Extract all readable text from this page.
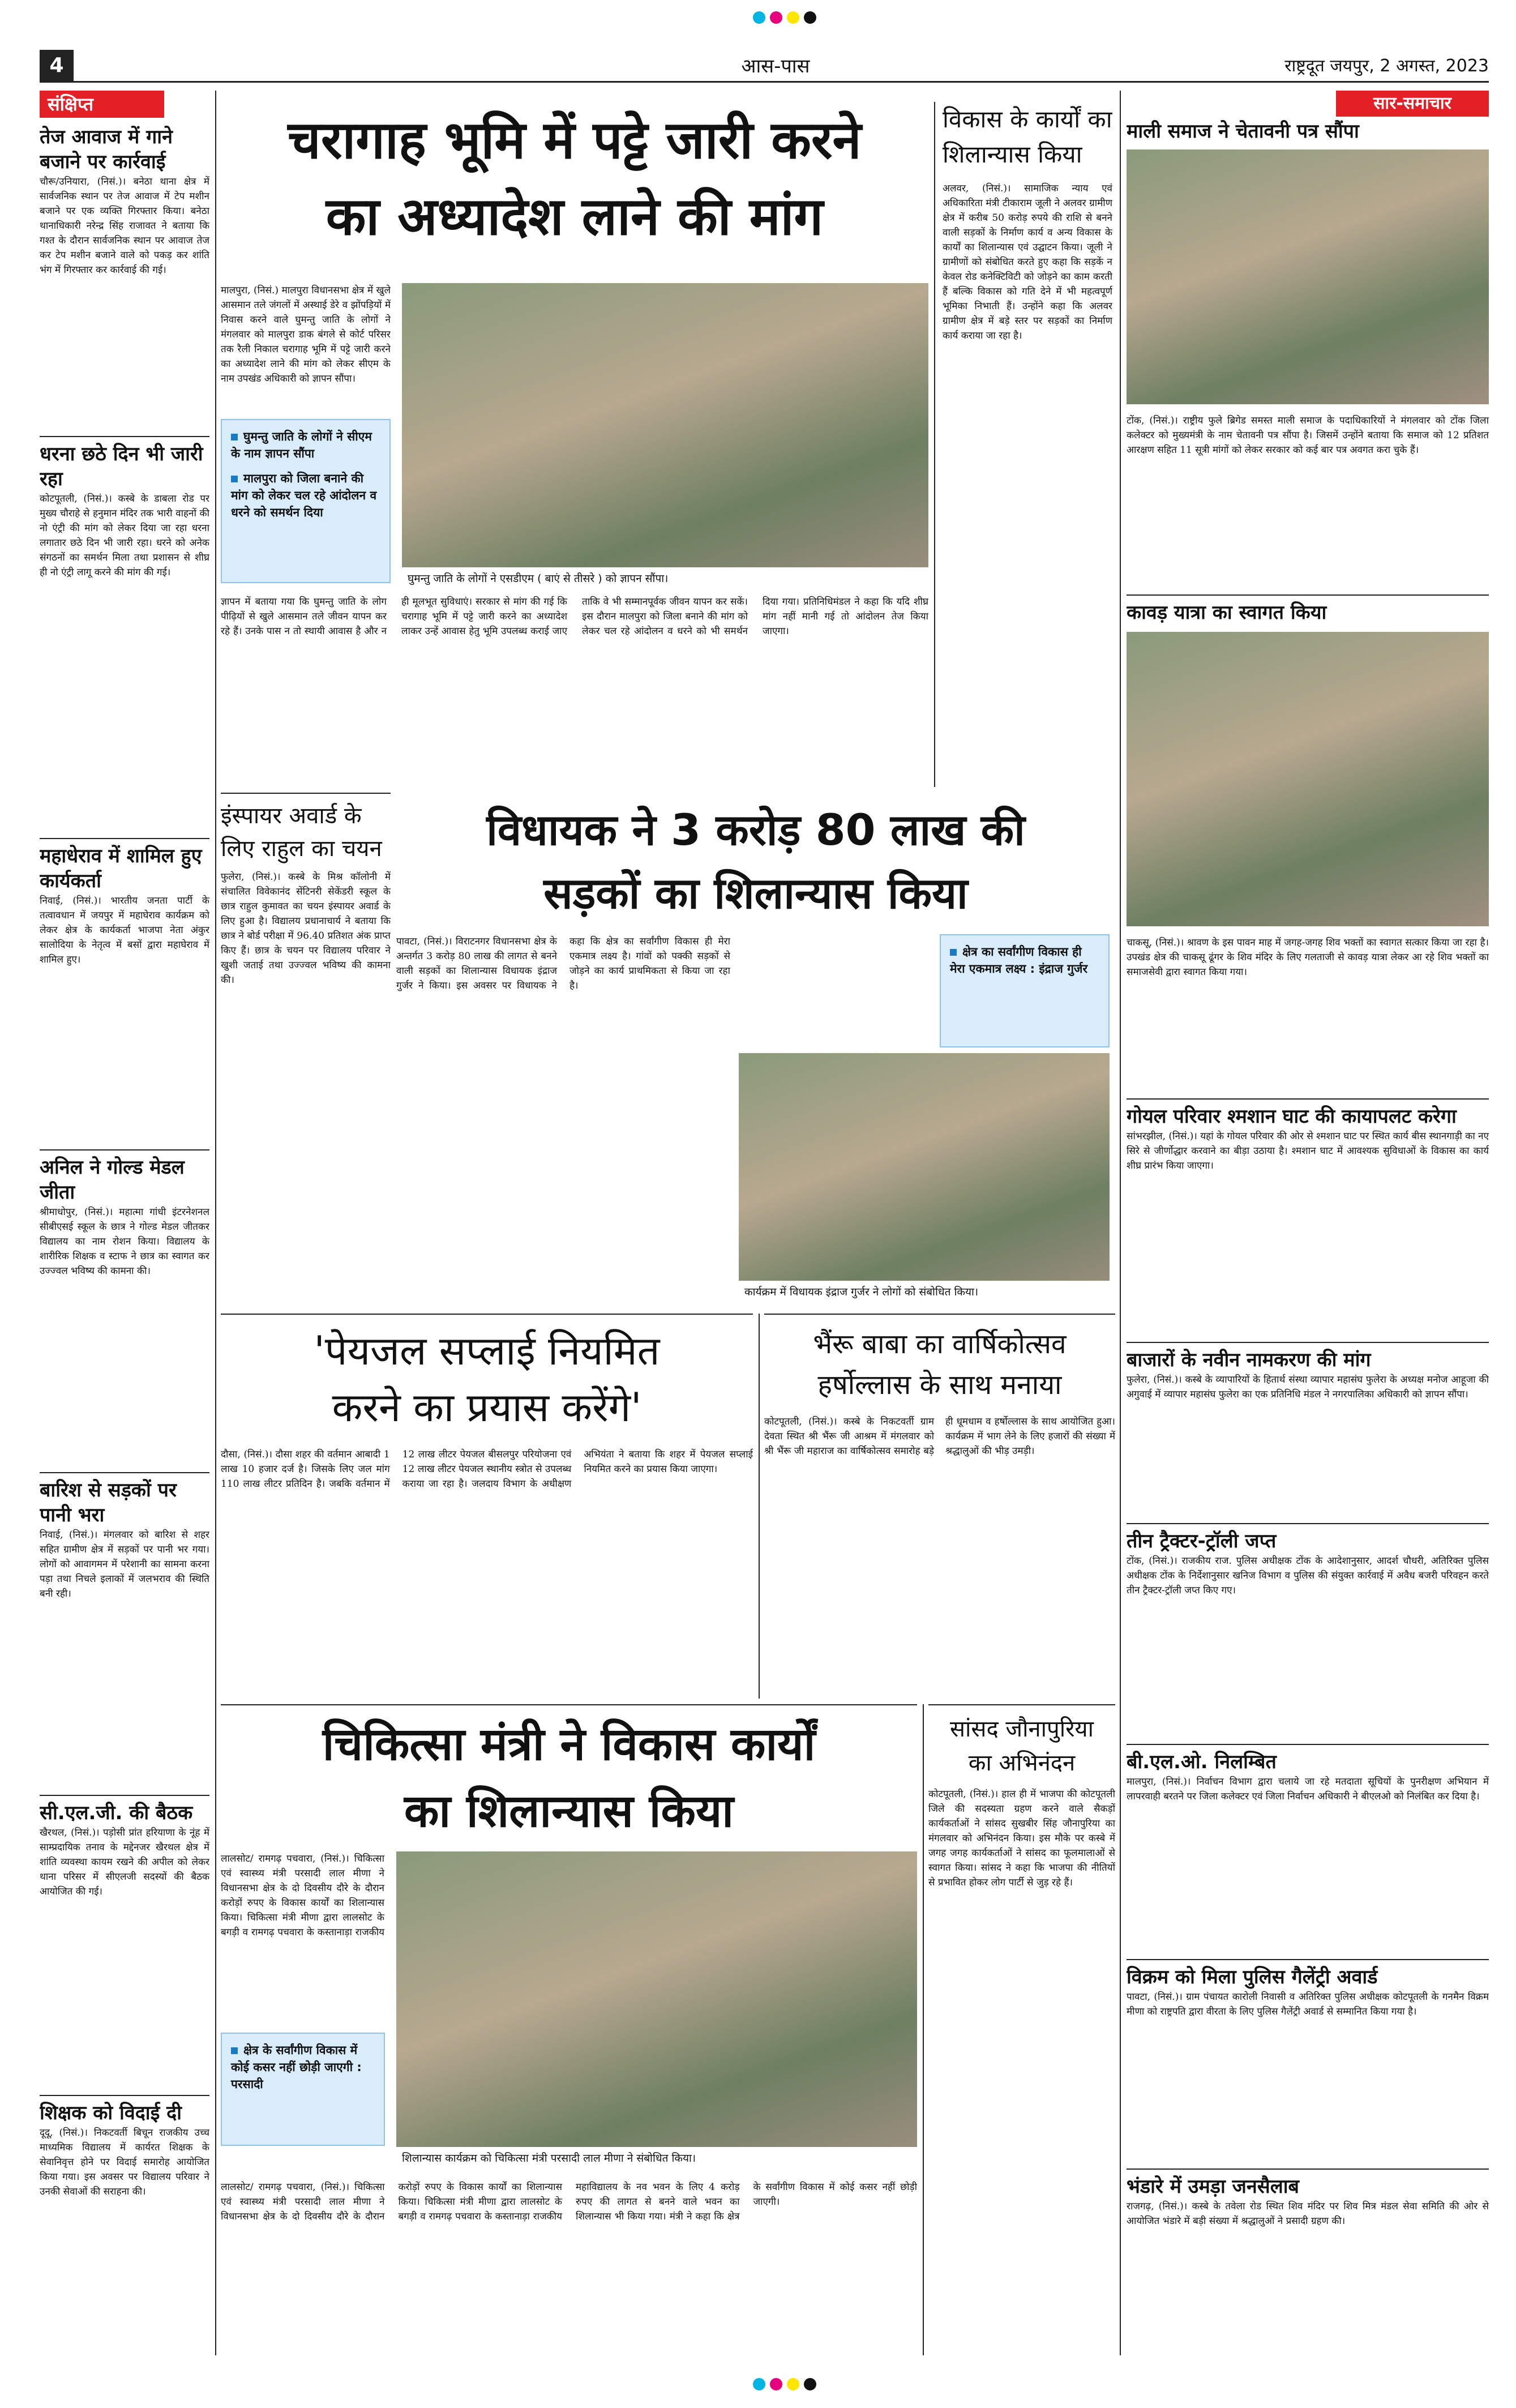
4	आस-पास	राष्ट्रदूत जयपुर, 2 अगस्त, 2023
संक्षिप्त
तेज आवाज में गाने बजाने पर कार्रवाई
चौरू/उनियारा, (निसं.)। बनेठा थाना क्षेत्र में सार्वजनिक स्थान पर तेज आवाज में टेप मशीन बजाने पर एक व्यक्ति गिरफ्तार किया। बनेठा थानाधिकारी नरेन्द्र सिंह राजावत ने बताया कि गश्त के दौरान सार्वजनिक स्थान पर आवाज तेज कर टेप मशीन बजाने वाले को पकड़ कर शांति भंग में गिरफ्तार कर कार्रवाई की गई।
धरना छठे दिन भी जारी रहा
कोटपूतली, (निसं.)। कस्बे के डाबला रोड पर मुख्य चौराहे से हनुमान मंदिर तक भारी वाहनों की नो एंट्री की मांग को लेकर दिया जा रहा धरना लगातार छठे दिन भी जारी रहा। धरने को अनेक संगठनों का समर्थन मिला तथा प्रशासन से शीघ्र ही नो एंट्री लागू करने की मांग की गई।
महाधेराव में शामिल हुए कार्यकर्ता
निवाई, (निसं.)। भारतीय जनता पार्टी के तत्वावधान में जयपुर में महाघेराव कार्यक्रम को लेकर क्षेत्र के कार्यकर्ता भाजपा नेता अंकुर सालोदिया के नेतृत्व में बसों द्वारा महाघेराव में शामिल हुए।
अनिल ने गोल्ड मेडल जीता
श्रीमाधोपुर, (निसं.)। महात्मा गांधी इंटरनेशनल सीबीएसई स्कूल के छात्र ने गोल्ड मेडल जीतकर विद्यालय का नाम रोशन किया। विद्यालय के शारीरिक शिक्षक व स्टाफ ने छात्र का स्वागत कर उज्ज्वल भविष्य की कामना की।
बारिश से सड़कों पर पानी भरा
निवाई, (निसं.)। मंगलवार को बारिश से शहर सहित ग्रामीण क्षेत्र में सड़कों पर पानी भर गया। लोगों को आवागमन में परेशानी का सामना करना पड़ा तथा निचले इलाकों में जलभराव की स्थिति बनी रही।
सी.एल.जी. की बैठक
खैरथल, (निसं.)। पड़ोसी प्रांत हरियाणा के नूंह में साम्प्रदायिक तनाव के मद्देनजर खैरथल क्षेत्र में शांति व्यवस्था कायम रखने की अपील को लेकर थाना परिसर में सीएलजी सदस्यों की बैठक आयोजित की गई।
शिक्षक को विदाई दी
दूदू, (निसं.)। निकटवर्ती बिचून राजकीय उच्च माध्यमिक विद्यालय में कार्यरत शिक्षक के सेवानिवृत्त होने पर विदाई समारोह आयोजित किया गया। इस अवसर पर विद्यालय परिवार ने उनकी सेवाओं की सराहना की।
चरागाह भूमि में पट्टे जारी करने
का अध्यादेश लाने की मांग
मालपुरा, (निसं.) मालपुरा विधानसभा क्षेत्र में खुले आसमान तले जंगलों में अस्थाई डेरे व झोंपड़ियों में निवास करने वाले घुमन्तु जाति के लोगों ने मंगलवार को मालपुरा डाक बंगले से कोर्ट परिसर तक रैली निकाल चरागाह भूमि में पट्टे जारी करने का अध्यादेश लाने की मांग को लेकर सीएम के नाम उपखंड अधिकारी को ज्ञापन सौंपा।
घुमन्तु जाति के लोगों ने सीएम के नाम ज्ञापन सौंपा
मालपुरा को जिला बनाने की मांग को लेकर चल रहे आंदोलन व धरने को समर्थन दिया
घुमन्तु जाति के लोगों ने एसडीएम ( बाएं से तीसरे ) को ज्ञापन सौंपा।
ज्ञापन में बताया गया कि घुमन्तु जाति के लोग पीढ़ियों से खुले आसमान तले जीवन यापन कर रहे हैं। उनके पास न तो स्थायी आवास है और न ही मूलभूत सुविधाएं। सरकार से मांग की गई कि चरागाह भूमि में पट्टे जारी करने का अध्यादेश लाकर उन्हें आवास हेतु भूमि उपलब्ध कराई जाए ताकि वे भी सम्मानपूर्वक जीवन यापन कर सकें। इस दौरान मालपुरा को जिला बनाने की मांग को लेकर चल रहे आंदोलन व धरने को भी समर्थन दिया गया। प्रतिनिधिमंडल ने कहा कि यदि शीघ्र मांग नहीं मानी गई तो आंदोलन तेज किया जाएगा।
विकास के कार्यों का
शिलान्यास किया
अलवर, (निसं.)। सामाजिक न्याय एवं अधिकारिता मंत्री टीकाराम जूली ने अलवर ग्रामीण क्षेत्र में करीब 50 करोड़ रुपये की राशि से बनने वाली सड़कों के निर्माण कार्य व अन्य विकास के कार्यों का शिलान्यास एवं उद्घाटन किया। जूली ने ग्रामीणों को संबोधित करते हुए कहा कि सड़कें न केवल रोड कनेक्टिविटी को जोड़ने का काम करती हैं बल्कि विकास को गति देने में भी महत्वपूर्ण भूमिका निभाती हैं। उन्होंने कहा कि अलवर ग्रामीण क्षेत्र में बड़े स्तर पर सड़कों का निर्माण कार्य कराया जा रहा है।
इंस्पायर अवार्ड के लिए राहुल का चयन
फुलेरा, (निसं.)। कस्बे के मिश्र कॉलोनी में संचालित विवेकानंद सेंटिनरी सेकेंडरी स्कूल के छात्र राहुल कुमावत का चयन इंस्पायर अवार्ड के लिए हुआ है। विद्यालय प्रधानाचार्य ने बताया कि छात्र ने बोर्ड परीक्षा में 96.40 प्रतिशत अंक प्राप्त किए हैं। छात्र के चयन पर विद्यालय परिवार ने खुशी जताई तथा उज्ज्वल भविष्य की कामना की।
विधायक ने 3 करोड़ 80 लाख की
सड़कों का शिलान्यास किया
पावटा, (निसं.)। विराटनगर विधानसभा क्षेत्र के अन्तर्गत 3 करोड़ 80 लाख की लागत से बनने वाली सड़कों का शिलान्यास विधायक इंद्राज गुर्जर ने किया। इस अवसर पर विधायक ने कहा कि क्षेत्र का सर्वांगीण विकास ही मेरा एकमात्र लक्ष्य है। गांवों को पक्की सड़कों से जोड़ने का कार्य प्राथमिकता से किया जा रहा है।
क्षेत्र का सर्वांगीण विकास ही मेरा एकमात्र लक्ष्य : इंद्राज गुर्जर
कार्यक्रम में विधायक इंद्राज गुर्जर ने लोगों को संबोधित किया।
'पेयजल सप्लाई नियमित
करने का प्रयास करेंगे'
दौसा, (निसं.)। दौसा शहर की वर्तमान आबादी 1 लाख 10 हजार दर्ज है। जिसके लिए जल मांग 110 लाख लीटर प्रतिदिन है। जबकि वर्तमान में 12 लाख लीटर पेयजल बीसलपुर परियोजना एवं 12 लाख लीटर पेयजल स्थानीय स्त्रोत से उपलब्ध कराया जा रहा है। जलदाय विभाग के अधीक्षण अभियंता ने बताया कि शहर में पेयजल सप्लाई नियमित करने का प्रयास किया जाएगा।
भैंरू बाबा का वार्षिकोत्सव
हर्षोल्लास के साथ मनाया
कोटपूतली, (निसं.)। कस्बे के निकटवर्ती ग्राम देवता स्थित श्री भैंरू जी आश्रम में मंगलवार को श्री भैंरू जी महाराज का वार्षिकोत्सव समारोह बड़े ही धूमधाम व हर्षोल्लास के साथ आयोजित हुआ। कार्यक्रम में भाग लेने के लिए हजारों की संख्या में श्रद्धालुओं की भीड़ उमड़ी।
चिकित्सा मंत्री ने विकास कार्यों
का शिलान्यास किया
लालसोट/ रामगढ़ पचवारा, (निसं.)। चिकित्सा एवं स्वास्थ्य मंत्री परसादी लाल मीणा ने विधानसभा क्षेत्र के दो दिवसीय दौरे के दौरान करोड़ों रुपए के विकास कार्यों का शिलान्यास किया। चिकित्सा मंत्री मीणा द्वारा लालसोट के बगड़ी व रामगढ़ पचवारा के कस्तानाड़ा राजकीय
क्षेत्र के सर्वांगीण विकास में कोई कसर नहीं छोड़ी जाएगी : परसादी
शिलान्यास कार्यक्रम को चिकित्सा मंत्री परसादी लाल मीणा ने संबोधित किया।
लालसोट/ रामगढ़ पचवारा, (निसं.)। चिकित्सा एवं स्वास्थ्य मंत्री परसादी लाल मीणा ने विधानसभा क्षेत्र के दो दिवसीय दौरे के दौरान करोड़ों रुपए के विकास कार्यों का शिलान्यास किया। चिकित्सा मंत्री मीणा द्वारा लालसोट के बगड़ी व रामगढ़ पचवारा के कस्तानाड़ा राजकीय महाविद्यालय के नव भवन के लिए 4 करोड़ रुपए की लागत से बनने वाले भवन का शिलान्यास भी किया गया। मंत्री ने कहा कि क्षेत्र के सर्वांगीण विकास में कोई कसर नहीं छोड़ी जाएगी।
सांसद जौनापुरिया
का अभिनंदन
कोटपूतली, (निसं.)। हाल ही में भाजपा की कोटपूतली जिले की सदस्यता ग्रहण करने वाले सैकड़ों कार्यकर्ताओं ने सांसद सुखबीर सिंह जौनापुरिया का मंगलवार को अभिनंदन किया। इस मौके पर कस्बे में जगह जगह कार्यकर्ताओं ने सांसद का फूलमालाओं से स्वागत किया। सांसद ने कहा कि भाजपा की नीतियों से प्रभावित होकर लोग पार्टी से जुड़ रहे हैं।
सार-समाचार
माली समाज ने चेतावनी पत्र सौंपा
टोंक, (निसं.)। राष्ट्रीय फुले ब्रिगेड समस्त माली समाज के पदाधिकारियों ने मंगलवार को टोंक जिला कलेक्टर को मुख्यमंत्री के नाम चेतावनी पत्र सौंपा है। जिसमें उन्होंने बताया कि समाज को 12 प्रतिशत आरक्षण सहित 11 सूत्री मांगों को लेकर सरकार को कई बार पत्र अवगत करा चुके हैं।
कावड़ यात्रा का स्वागत किया
चाकसू, (निसं.)। श्रावण के इस पावन माह में जगह-जगह शिव भक्तों का स्वागत सत्कार किया जा रहा है। उपखंड क्षेत्र की चाकसू ढूंगर के शिव मंदिर के लिए गलताजी से कावड़ यात्रा लेकर आ रहे शिव भक्तों का समाजसेवी द्वारा स्वागत किया गया।
गोयल परिवार श्मशान घाट की कायापलट करेगा
सांभरझील, (निसं.)। यहां के गोयल परिवार की ओर से श्मशान घाट पर स्थित कार्य बीस स्थानगाड़ी का नए सिरे से जीर्णोद्धार करवाने का बीड़ा उठाया है। श्मशान घाट में आवश्यक सुविधाओं के विकास का कार्य शीघ्र प्रारंभ किया जाएगा।
बाजारों के नवीन नामकरण की मांग
फुलेरा, (निसं.)। कस्बे के व्यापारियों के हितार्थ संस्था व्यापार महासंघ फुलेरा के अध्यक्ष मनोज आहूजा की अगुवाई में व्यापार महासंघ फुलेरा का एक प्रतिनिधि मंडल ने नगरपालिका अधिकारी को ज्ञापन सौंपा।
तीन ट्रैक्टर-ट्रॉली जप्त
टोंक, (निसं.)। राजकीय राज. पुलिस अधीक्षक टोंक के आदेशानुसार, आदर्श चौधरी, अतिरिक्त पुलिस अधीक्षक टोंक के निर्देशानुसार खनिज विभाग व पुलिस की संयुक्त कार्रवाई में अवैध बजरी परिवहन करते तीन ट्रैक्टर-ट्रॉली जप्त किए गए।
बी.एल.ओ. निलम्बित
मालपुरा, (निसं.)। निर्वाचन विभाग द्वारा चलाये जा रहे मतदाता सूचियों के पुनरीक्षण अभियान में लापरवाही बरतने पर जिला कलेक्टर एवं जिला निर्वाचन अधिकारी ने बीएलओ को निलंबित कर दिया है।
विक्रम को मिला पुलिस गैलेंट्री अवार्ड
पावटा, (निसं.)। ग्राम पंचायत कारोली निवासी व अतिरिक्त पुलिस अधीक्षक कोटपूतली के गनमैन विक्रम मीणा को राष्ट्रपति द्वारा वीरता के लिए पुलिस गैलेंट्री अवार्ड से सम्मानित किया गया है।
भंडारे में उमड़ा जनसैलाब
राजगढ़, (निसं.)। कस्बे के तवेला रोड स्थित शिव मंदिर पर शिव मित्र मंडल सेवा समिति की ओर से आयोजित भंडारे में बड़ी संख्या में श्रद्धालुओं ने प्रसादी ग्रहण की।
